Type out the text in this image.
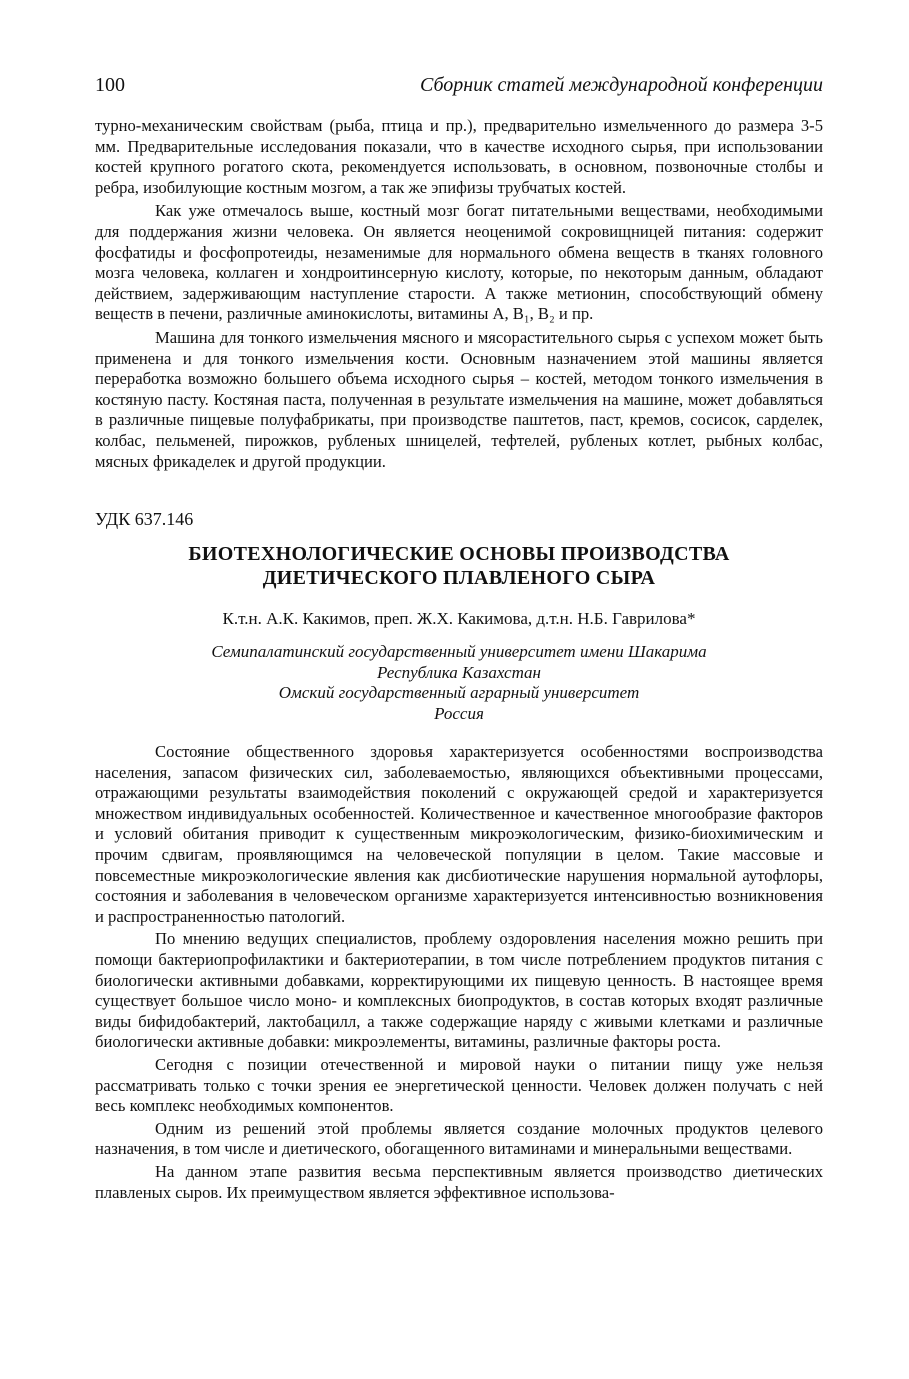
100	Сборник статей международной конференции

турно-механическим свойствам (рыба, птица и пр.), предварительно измельченного до размера 3-5 мм. Предварительные исследования показали, что в качестве исходного сырья, при использовании костей крупного рогатого скота, рекомендуется использовать, в основном, позвоночные столбы и ребра, изобилующие костным мозгом, а так же эпифизы трубчатых костей.

Как уже отмечалось выше, костный мозг богат питательными веществами, необходимыми для поддержания жизни человека. Он является неоценимой сокровищницей питания: содержит фосфатиды и фосфопротеиды, незаменимые для нормального обмена веществ в тканях головного мозга человека, коллаген и хондроитинсерную кислоту, которые, по некоторым данным, обладают действием, задерживающим наступление старости. А также метионин, способствующий обмену веществ в печени, различные аминокислоты, витамины А, В₁, В₂ и пр.

Машина для тонкого измельчения мясного и мясорастительного сырья с успехом может быть применена и для тонкого измельчения кости. Основным назначением этой машины является переработка возможно большего объема исходного сырья – костей, методом тонкого измельчения в костяную пасту. Костяная паста, полученная в результате измельчения на машине, может добавляться в различные пищевые полуфабрикаты, при производстве паштетов, паст, кремов, сосисок, сарделек, колбас, пельменей, пирожков, рубленых шницелей, тефтелей, рубленых котлет, рыбных колбас, мясных фрикаделек и другой продукции.

УДК 637.146
БИОТЕХНОЛОГИЧЕСКИЕ ОСНОВЫ ПРОИЗВОДСТВА
ДИЕТИЧЕСКОГО ПЛАВЛЕНОГО СЫРА
К.т.н. А.К. Какимов, преп. Ж.Х. Какимова, д.т.н. Н.Б. Гаврилова*
Семипалатинский государственный университет имени Шакарима
Республика Казахстан
Омский государственный аграрный университет
Россия

Состояние общественного здоровья характеризуется особенностями воспроизводства населения, запасом физических сил, заболеваемостью, являющихся объективными процессами, отражающими результаты взаимодействия поколений с окружающей средой и характеризуется множеством индивидуальных особенностей. Количественное и качественное многообразие факторов и условий обитания приводит к существенным микроэкологическим, физико-биохимическим и прочим сдвигам, проявляющимся на человеческой популяции в целом. Такие массовые и повсеместные микроэкологические явления как дисбиотические нарушения нормальной аутофлоры, состояния и заболевания в человеческом организме характеризуется интенсивностью возникновения и распространенностью патологий.

По мнению ведущих специалистов, проблему оздоровления населения можно решить при помощи бактериопрофилактики и бактериотерапии, в том числе потреблением продуктов питания с биологически активными добавками, корректирующими их пищевую ценность. В настоящее время существует большое число моно- и комплексных биопродуктов, в состав которых входят различные виды бифидобактерий, лактобацилл, а также содержащие наряду с живыми клетками и различные биологически активные добавки: микроэлементы, витамины, различные факторы роста.

Сегодня с позиции отечественной и мировой науки о питании пищу уже нельзя рассматривать только с точки зрения ее энергетической ценности. Человек должен получать с ней весь комплекс необходимых компонентов.

Одним из решений этой проблемы является создание молочных продуктов целевого назначения, в том числе и диетического, обогащенного витаминами и минеральными веществами.

На данном этапе развития весьма перспективным является производство диетических плавленых сыров. Их преимуществом является эффективное использова-
